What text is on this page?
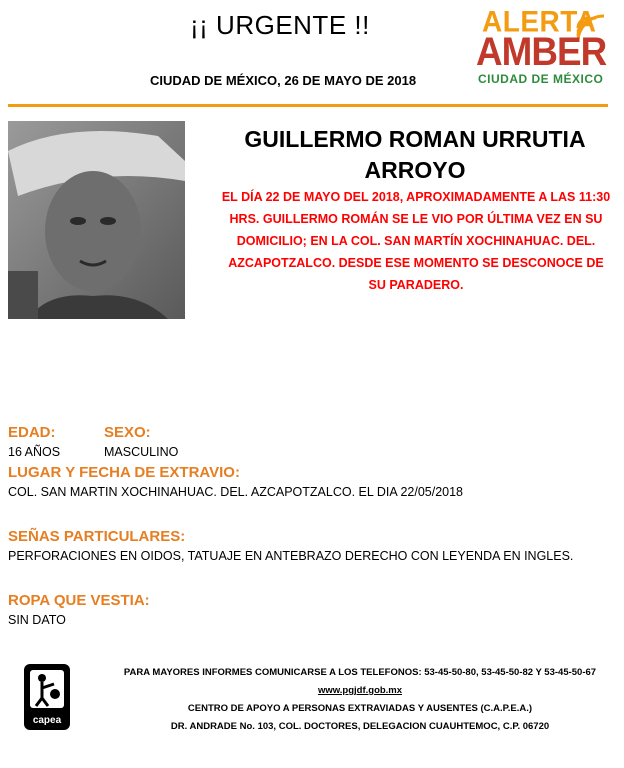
¡¡ URGENTE !!
CIUDAD DE MÉXICO, 26 DE MAYO DE 2018
ALERTA
AMBER
CIUDAD DE MÉXICO
GUILLERMO ROMAN URRUTIA ARROYO
EL DÍA 22 DE MAYO DEL 2018, APROXIMADAMENTE A LAS 11:30 HRS. GUILLERMO ROMÁN SE LE VIO POR ÚLTIMA VEZ EN SU DOMICILIO; EN LA COL. SAN MARTÍN XOCHINAHUAC. DEL. AZCAPOTZALCO. DESDE ESE MOMENTO SE DESCONOCE DE SU PARADERO.
EDAD:
16 AÑOS
SEXO:
MASCULINO
LUGAR Y FECHA DE EXTRAVIO:
COL. SAN MARTIN XOCHINAHUAC. DEL. AZCAPOTZALCO. EL DIA 22/05/2018
SEÑAS PARTICULARES:
PERFORACIONES EN OIDOS, TATUAJE EN ANTEBRAZO DERECHO CON LEYENDA EN INGLES.
ROPA QUE VESTIA:
SIN DATO
capea
PARA MAYORES INFORMES COMUNICARSE A LOS TELEFONOS: 53-45-50-80, 53-45-50-82 Y 53-45-50-67
www.pgjdf.gob.mx
CENTRO DE APOYO A PERSONAS EXTRAVIADAS Y AUSENTES (C.A.P.E.A.)
DR. ANDRADE No. 103, COL. DOCTORES, DELEGACION CUAUHTEMOC, C.P. 06720
